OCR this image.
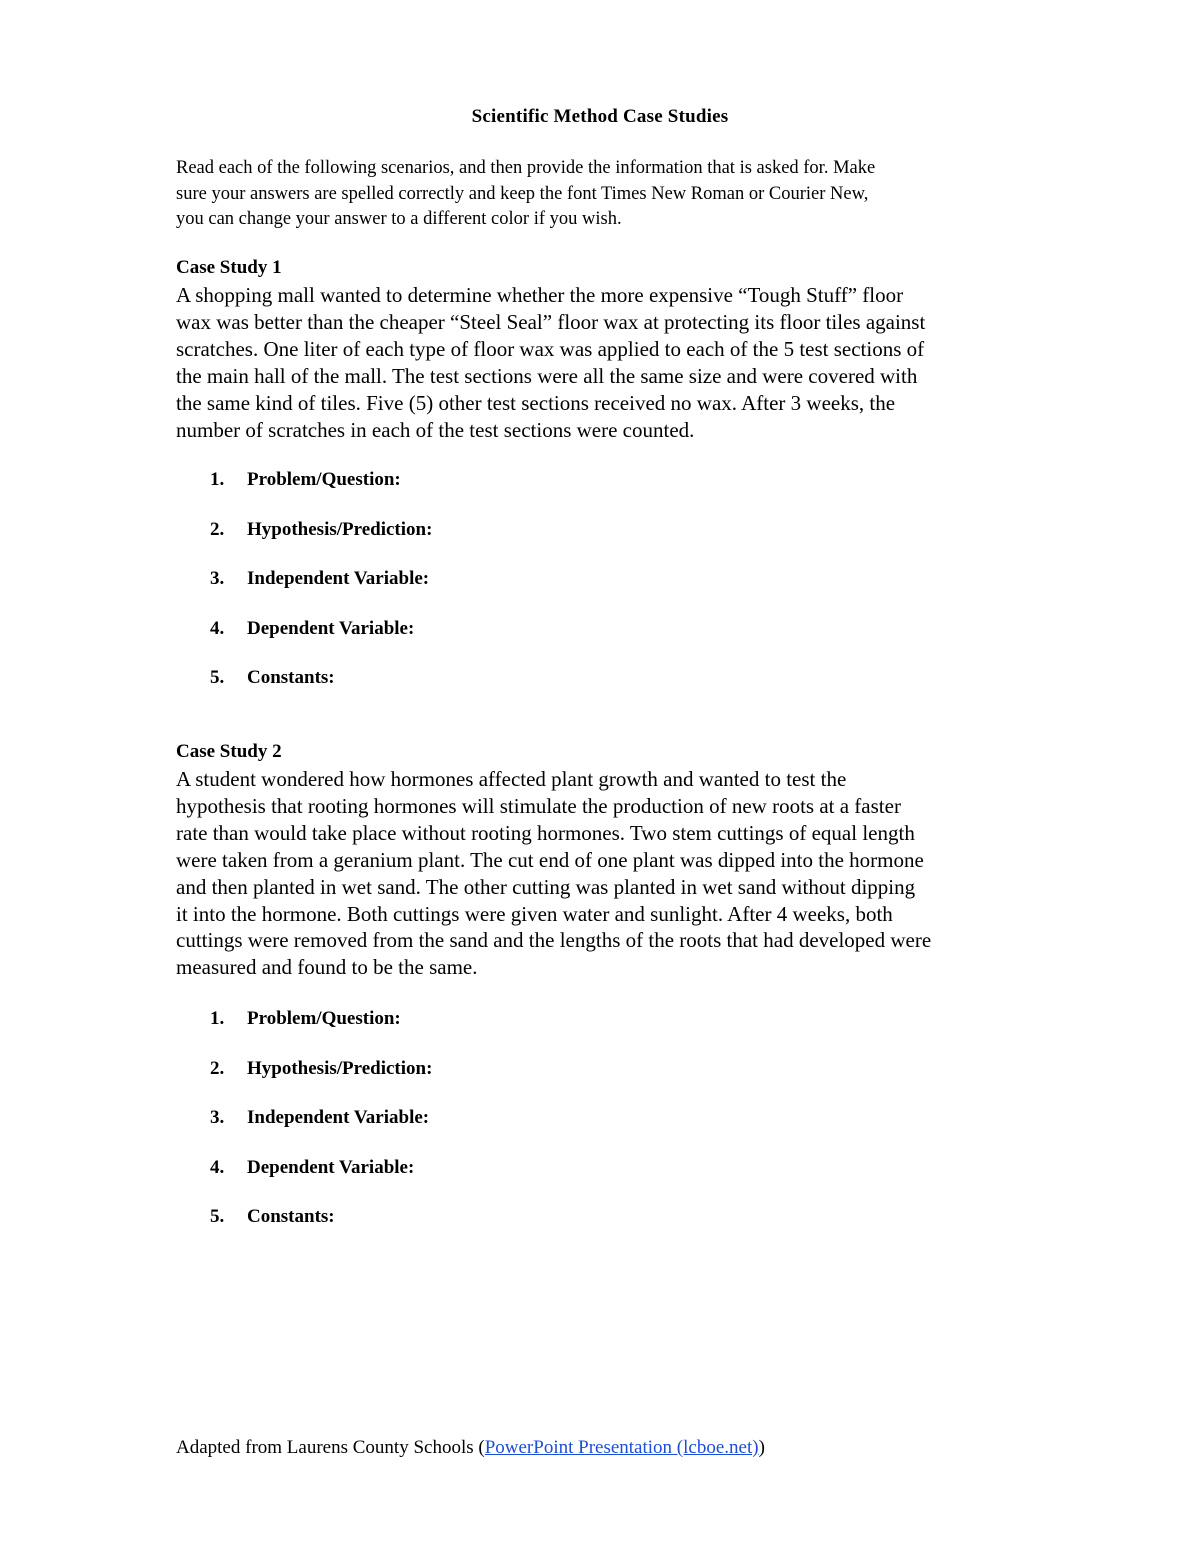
Scientific Method Case Studies
Read each of the following scenarios, and then provide the information that is asked for. Make
sure your answers are spelled correctly and keep the font Times New Roman or Courier New,
you can change your answer to a different color if you wish.
Case Study 1
A shopping mall wanted to determine whether the more expensive “Tough Stuff” floor
wax was better than the cheaper “Steel Seal” floor wax at protecting its floor tiles against
scratches. One liter of each type of floor wax was applied to each of the 5 test sections of
the main hall of the mall. The test sections were all the same size and were covered with
the same kind of tiles. Five (5) other test sections received no wax. After 3 weeks, the
number of scratches in each of the test sections were counted.
1. Problem/Question:
2. Hypothesis/Prediction:
3. Independent Variable:
4. Dependent Variable:
5. Constants:
Case Study 2
A student wondered how hormones affected plant growth and wanted to test the
hypothesis that rooting hormones will stimulate the production of new roots at a faster
rate than would take place without rooting hormones. Two stem cuttings of equal length
were taken from a geranium plant. The cut end of one plant was dipped into the hormone
and then planted in wet sand. The other cutting was planted in wet sand without dipping
it into the hormone. Both cuttings were given water and sunlight. After 4 weeks, both
cuttings were removed from the sand and the lengths of the roots that had developed were
measured and found to be the same.
1. Problem/Question:
2. Hypothesis/Prediction:
3. Independent Variable:
4. Dependent Variable:
5. Constants:
Adapted from Laurens County Schools (PowerPoint Presentation (lcboe.net))
